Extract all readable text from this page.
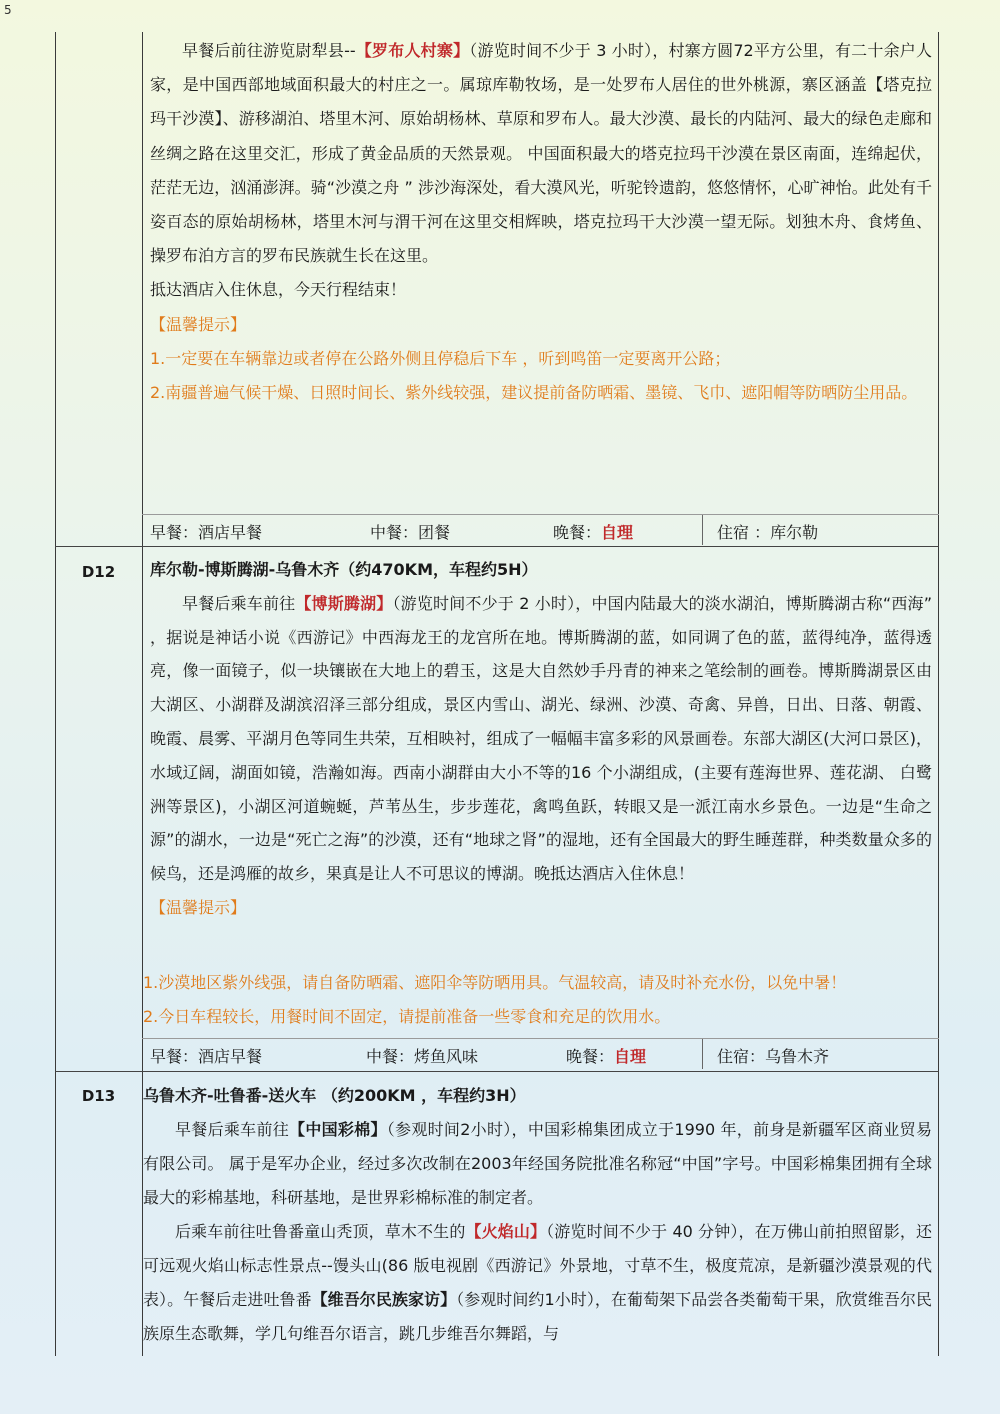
5
早餐后前往游览尉犁县--【罗布人村寨】（游览时间不少于 3 小时），村寨方圆72平方公里，有二十余户人家，是中国西部地域面积最大的村庄之一。属琼库勒牧场，是一处罗布人居住的世外桃源，寨区涵盖【塔克拉玛干沙漠】、游移湖泊、塔里木河、原始胡杨林、草原和罗布人。最大沙漠、最长的内陆河、最大的绿色走廊和丝绸之路在这里交汇，形成了黄金品质的天然景观。 中国面积最大的塔克拉玛干沙漠在景区南面，连绵起伏，茫茫无边，汹涌澎湃。骑“沙漠之舟 ” 涉沙海深处，看大漠风光，听驼铃遗韵，悠悠情怀，心旷神怡。此处有千姿百态的原始胡杨林，塔里木河与渭干河在这里交相辉映，塔克拉玛干大沙漠一望无际。划独木舟、食烤鱼、 操罗布泊方言的罗布民族就生长在这里。
抵达酒店入住休息，今天行程结束！
【温馨提示】
1.一定要在车辆靠边或者停在公路外侧且停稳后下车 ，听到鸣笛一定要离开公路；
2.南疆普遍气候干燥、日照时间长、紫外线较强，建议提前备防晒霜、墨镜、飞巾、遮阳帽等防晒防尘用品。
早餐：酒店早餐	中餐：团餐	晚餐：自理	住宿 ：库尔勒
D12	库尔勒-博斯腾湖-乌鲁木齐（约470KM，车程约5H）
早餐后乘车前往【博斯腾湖】（游览时间不少于 2 小时），中国内陆最大的淡水湖泊，博斯腾湖古称“西海” ，据说是神话小说《西游记》中西海龙王的龙宫所在地。博斯腾湖的蓝，如同调了色的蓝，蓝得纯净，蓝得透亮，像一面镜子，似一块镶嵌在大地上的碧玉，这是大自然妙手丹青的神来之笔绘制的画卷。博斯腾湖景区由大湖区、小湖群及湖滨沼泽三部分组成，景区内雪山、湖光、绿洲、沙漠、奇禽、异兽，日出、日落、朝霞、晚霞、晨雾、平湖月色等同生共荣，互相映衬，组成了一幅幅丰富多彩的风景画卷。东部大湖区(大河口景区)，水域辽阔，湖面如镜，浩瀚如海。西南小湖群由大小不等的16 个小湖组成，(主要有莲海世界、莲花湖、 白鹭洲等景区)，小湖区河道蜿蜒，芦苇丛生，步步莲花，禽鸣鱼跃，转眼又是一派江南水乡景色。一边是“生命之源”的湖水，一边是“死亡之海”的沙漠，还有“地球之肾”的湿地，还有全国最大的野生睡莲群，种类数量众多的候鸟，还是鸿雁的故乡，果真是让人不可思议的博湖。晚抵达酒店入住休息！
【温馨提示】
1.沙漠地区紫外线强，请自备防晒霜、遮阳伞等防晒用具。气温较高，请及时补充水份，以免中暑！
2.今日车程较长，用餐时间不固定，请提前准备一些零食和充足的饮用水。
早餐：酒店早餐	中餐：烤鱼风味	晚餐：自理	住宿：乌鲁木齐
D13	乌鲁木齐-吐鲁番-送火车 （约200KM ，车程约3H）
早餐后乘车前往【中国彩棉】（参观时间2小时），中国彩棉集团成立于1990 年，前身是新疆军区商业贸易有限公司。 属于是军办企业，经过多次改制在2003年经国务院批准名称冠“中国”字号。中国彩棉集团拥有全球最大的彩棉基地，科研基地，是世界彩棉标准的制定者。
后乘车前往吐鲁番童山秃顶，草木不生的【火焰山】（游览时间不少于 40 分钟），在万佛山前拍照留影，还可远观火焰山标志性景点--馒头山(86 版电视剧《西游记》外景地，寸草不生，极度荒凉，是新疆沙漠景观的代表）。午餐后走进吐鲁番【维吾尔民族家访】（参观时间约1小时），在葡萄架下品尝各类葡萄干果，欣赏维吾尔民族原生态歌舞，学几句维吾尔语言，跳几步维吾尔舞蹈，与
